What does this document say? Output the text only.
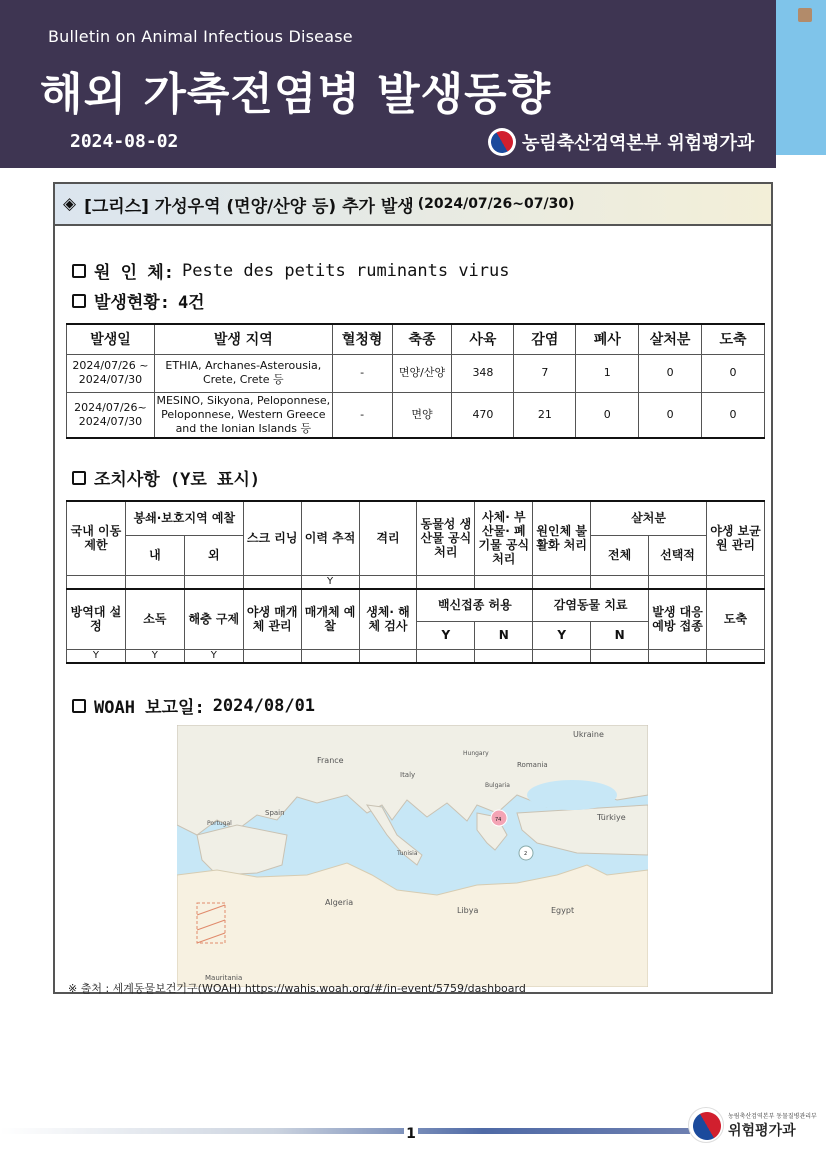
Bulletin on Animal Infectious Disease
해외 가축전염병 발생동향
2024-08-02	농림축산검역본부 위험평가과
◈ [그리스] 가성우역 (면양/산양 등) 추가 발생 (2024/07/26~07/30)
원 인 체: Peste des petits ruminants virus
발생현황: 4건
발생일	발생 지역	혈청형	축종	사육	감염	폐사	살처분	도축
2024/07/26 ~ 2024/07/30	ETHIA, Archanes-Asterousia, Crete, Crete 등	-	면양/산양	348	7	1	0	0
2024/07/26~ 2024/07/30	MESINO, Sikyona, Peloponnese, Peloponnese, Western Greece and the Ionian Islands 등	-	면양	470	21	0	0	0
조치사항 (Y로 표시)
국내 이동 제한	봉쇄·보호지역 예찰		스크 리닝	이력 추적	격리	동물성 생산물 공식 처리	사체· 부산물· 폐기물 공식 처리	원인체 불활화 처리	살처분		야생 보균원 관리
	내	외							전체	선택적	
				Y							
방역대 설정	소독	해충 구제	야생 매개체 관리	매개체 예찰	생체· 해체 검사	백신접종 허용		감염동물 치료		발생 대응 예방 접종	도축
						Y	N	Y	N		
Y	Y	Y									
WOAH 보고일: 2024/08/01
France
Spain
Italy
Portugal
Ukraine
Romania
Bulgaria
Hungary
Türkiye
Tunisia
Algeria
Libya	Egypt
Mauritania
74
2
※ 출처 : 세계동물보건기구(WOAH) https://wahis.woah.org/#/in-event/5759/dashboard
1
농림축산검역본부 동물질병관리부
위험평가과
